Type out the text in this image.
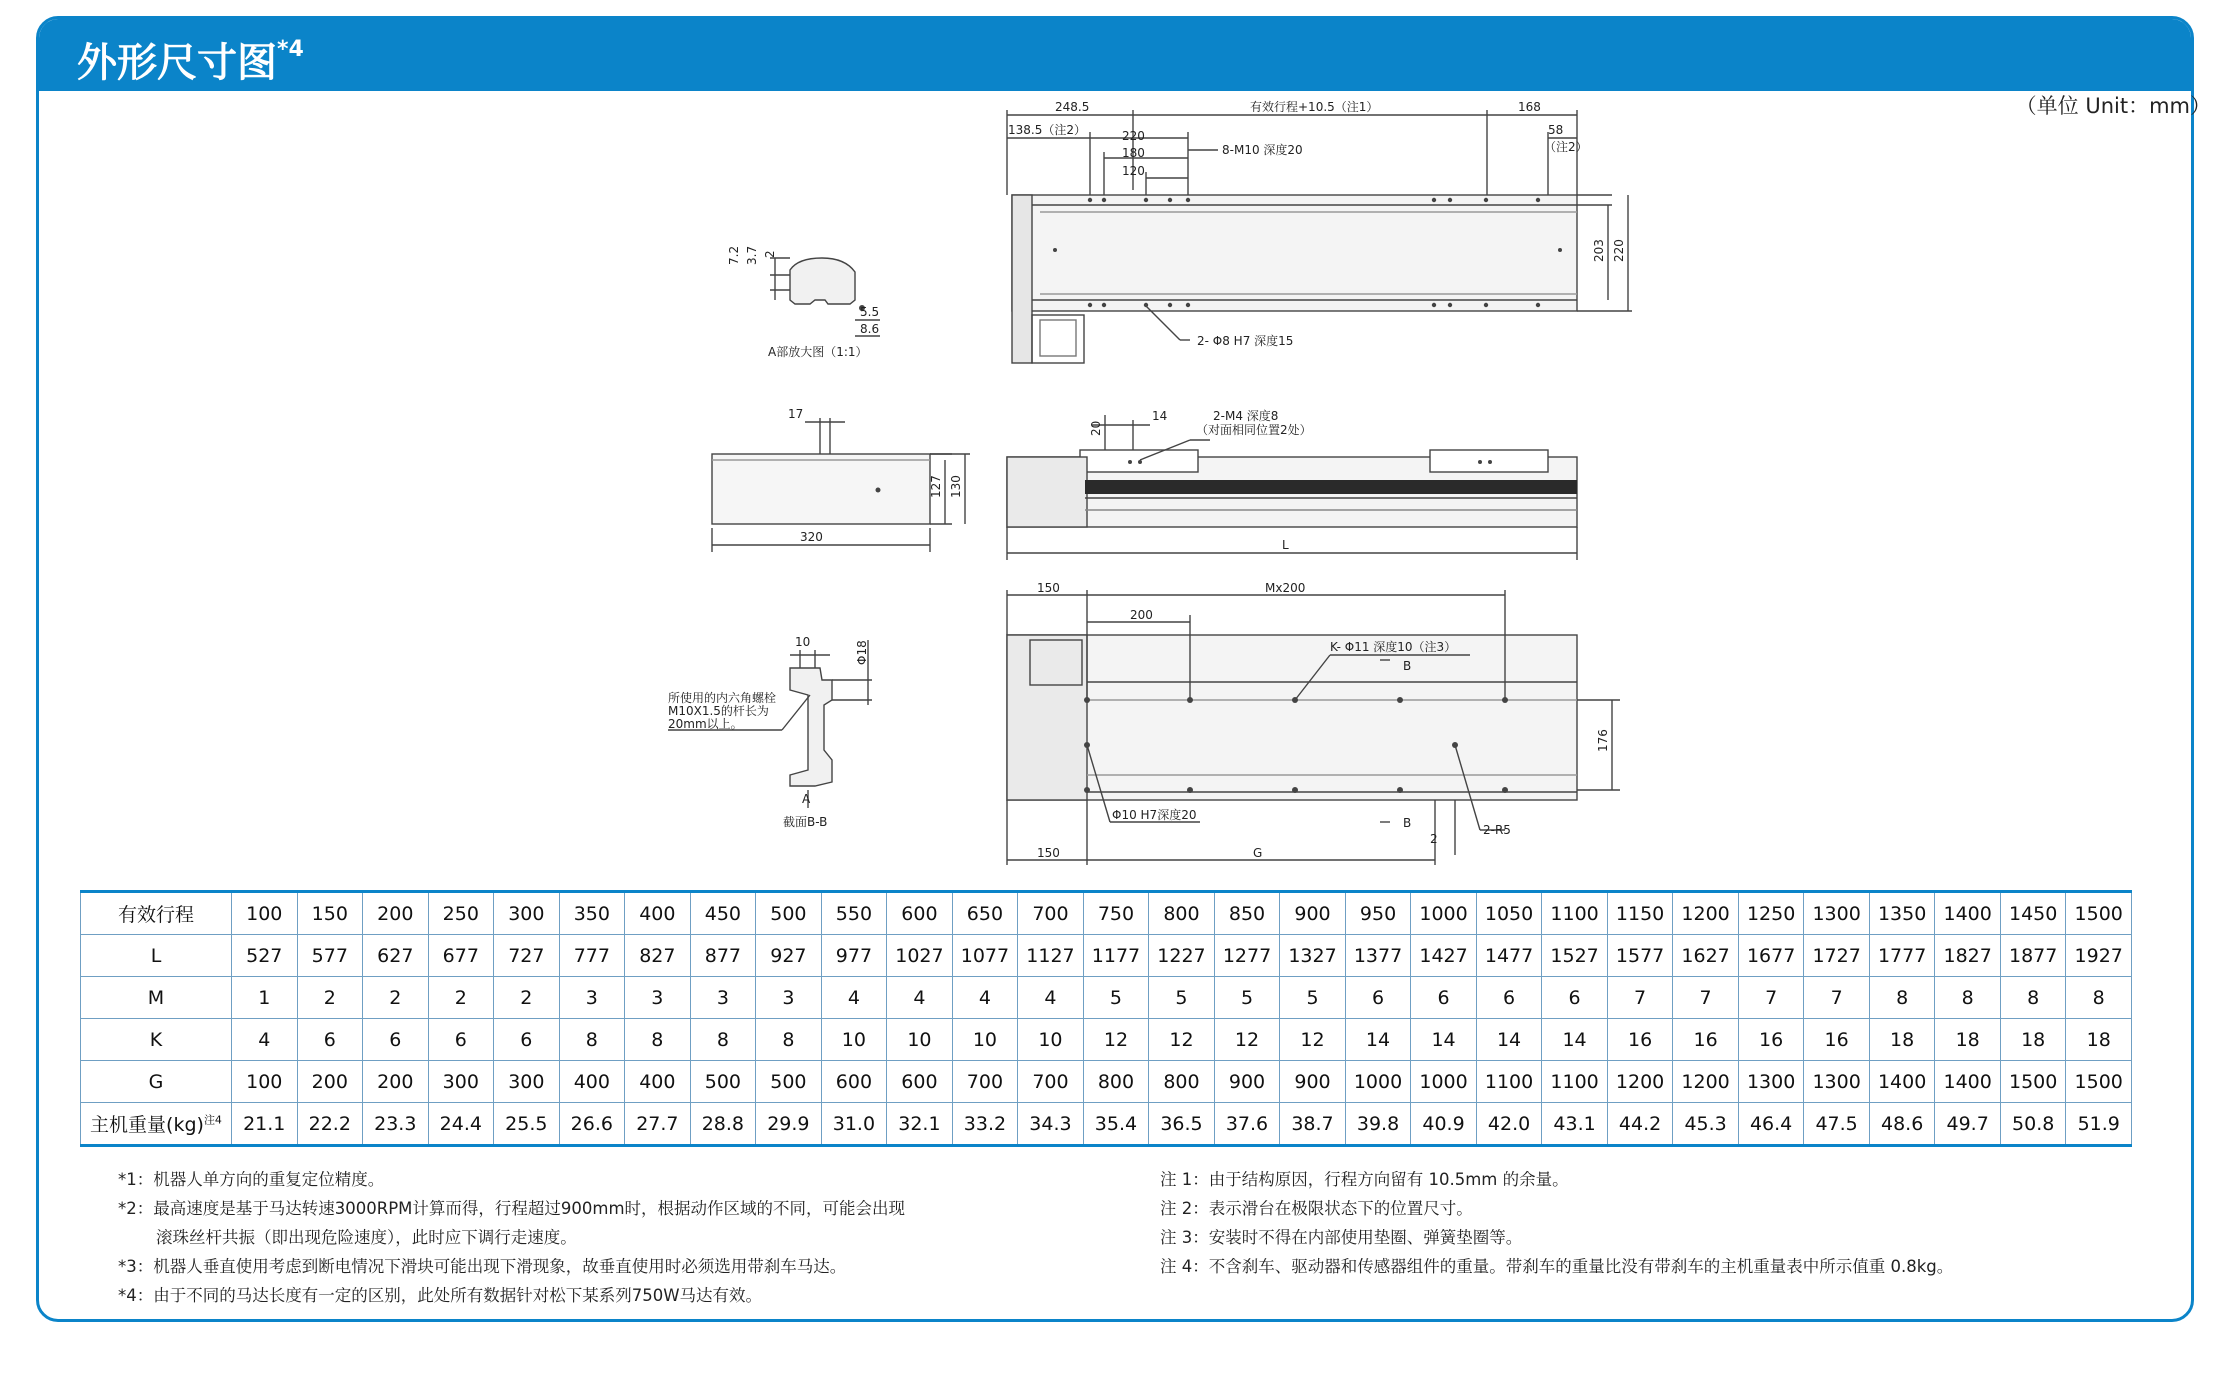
外形尺寸图$^{*4}$
（单位 Unit：mm）
248.5	有效行程+10.5（注1）	168
138.5（注2）	220	58
（注2）
180
120
8-M10 深度20
2- Φ8 H7 深度15
203 220
7.2 3.7 2
5.5
8.6
A部放大图（1:1）
17
127 130
320
20
14	2-M4 深度8
（对面相同位置2处）
L
150	Mx200
200
K- Φ11 深度10（注3）
B
176
Φ10 H7深度20
B
2
2-R5
150	G
10	Φ18
所使用的内六角螺栓
M10X1.5的杆长为
20mm以上。
A
截面B-B
有效行程	100	150	200	250	300	350	400	450	500	550	600	650	700	750	800	850	900	950	1000	1050	1100	1150	1200	1250	1300	1350	1400	1450	1500
L	527	577	627	677	727	777	827	877	927	977	1027	1077	1127	1177	1227	1277	1327	1377	1427	1477	1527	1577	1627	1677	1727	1777	1827	1877	1927
M	1	2	2	2	2	3	3	3	3	4	4	4	4	5	5	5	5	6	6	6	6	7	7	7	7	8	8	8	8
K	4	6	6	6	6	8	8	8	8	10	10	10	10	12	12	12	12	14	14	14	14	16	16	16	16	18	18	18	18
G	100	200	200	300	300	400	400	500	500	600	600	700	700	800	800	900	900	1000	1000	1100	1100	1200	1200	1300	1300	1400	1400	1500	1500
主机重量(kg)$^{注4}$	21.1	22.2	23.3	24.4	25.5	26.6	27.7	28.8	29.9	31.0	32.1	33.2	34.3	35.4	36.5	37.6	38.7	39.8	40.9	42.0	43.1	44.2	45.3	46.4	47.5	48.6	49.7	50.8	51.9
*1：机器人单方向的重复定位精度。
*2：最高速度是基于马达转速3000RPM计算而得，行程超过900mm时，根据动作区域的不同，可能会出现
滚珠丝杆共振（即出现危险速度），此时应下调行走速度。
*3：机器人垂直使用考虑到断电情况下滑块可能出现下滑现象，故垂直使用时必须选用带刹车马达。
*4：由于不同的马达长度有一定的区别，此处所有数据针对松下某系列750W马达有效。
注 1：由于结构原因，行程方向留有 10.5mm 的余量。
注 2：表示滑台在极限状态下的位置尺寸。
注 3：安装时不得在内部使用垫圈、弹簧垫圈等。
注 4：不含刹车、驱动器和传感器组件的重量。带刹车的重量比没有带刹车的主机重量表中所示值重 0.8kg。
